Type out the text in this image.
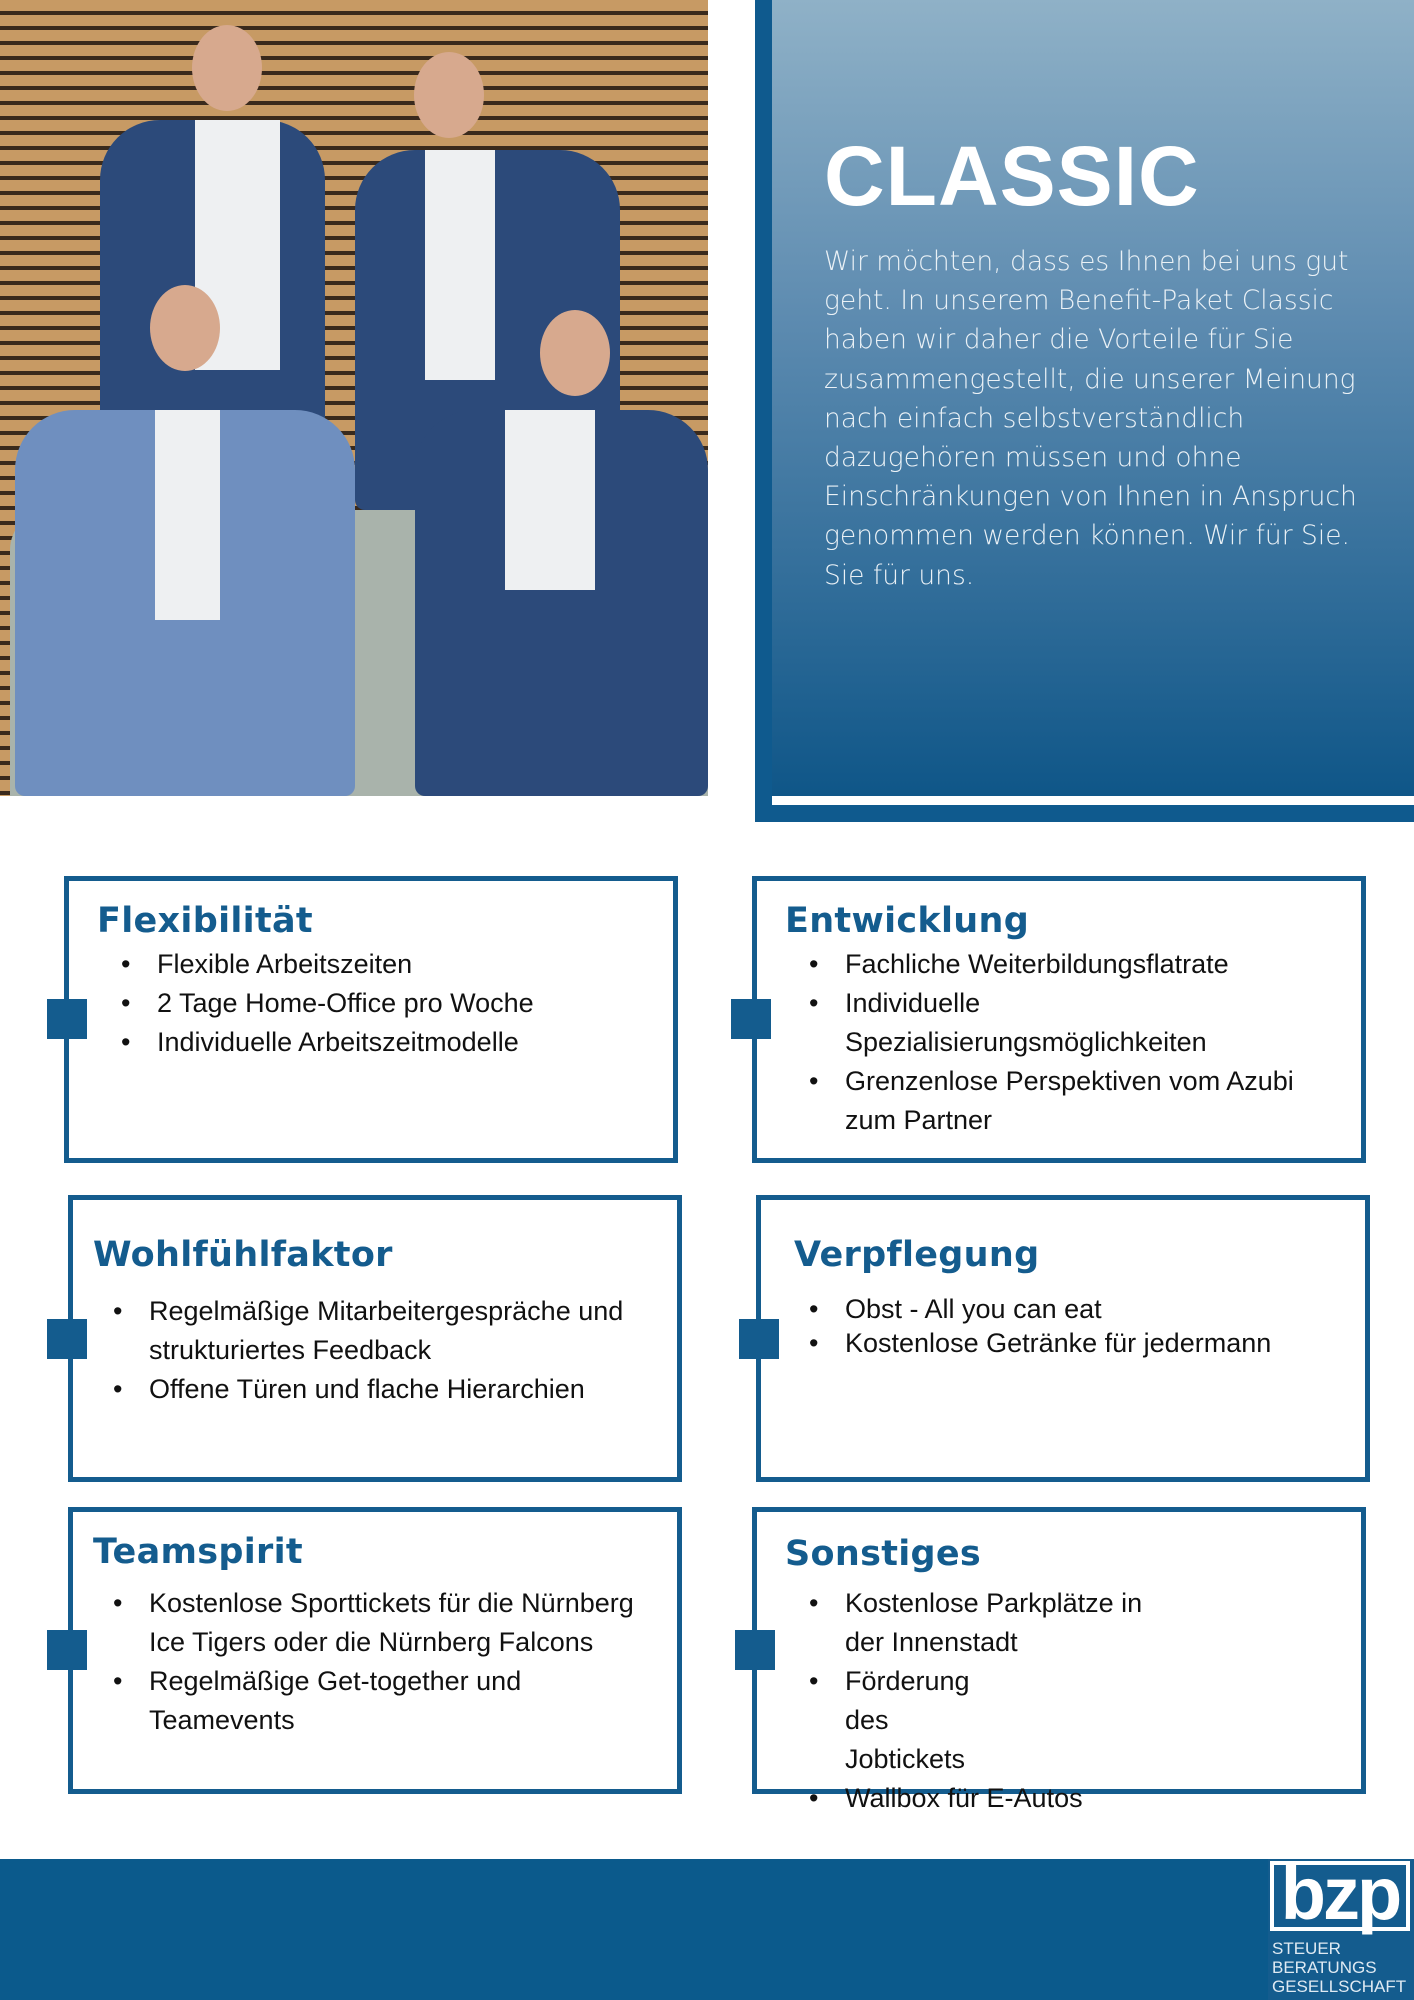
CLASSIC
Wir möchten, dass es Ihnen bei uns gut geht. In unserem Benefit-Paket Classic haben wir daher die Vorteile für Sie zusammengestellt, die unserer Meinung nach einfach selbstverständlich dazugehören müssen und ohne Einschränkungen von Ihnen in Anspruch genommen werden können. Wir für Sie. Sie für uns.
Flexibilität
• Flexible Arbeitszeiten
• 2 Tage Home-Office pro Woche
• Individuelle Arbeitszeitmodelle
Entwicklung
• Fachliche Weiterbildungsflatrate
• Individuelle Spezialisierungsmöglichkeiten
• Grenzenlose Perspektiven vom Azubi zum Partner
Wohlfühlfaktor
• Regelmäßige Mitarbeitergespräche und strukturiertes Feedback
• Offene Türen und flache Hierarchien
Verpflegung
• Obst - All you can eat
• Kostenlose Getränke für jedermann
Teamspirit
• Kostenlose Sporttickets für die Nürnberg Ice Tigers oder die Nürnberg Falcons
• Regelmäßige Get-together und Teamevents
Sonstiges
• Kostenlose Parkplätze in der Innenstadt
• Förderung des Jobtickets
• Wallbox für E-Autos
bzp
STEUER
BERATUNGS
GESELLSCHAFT
